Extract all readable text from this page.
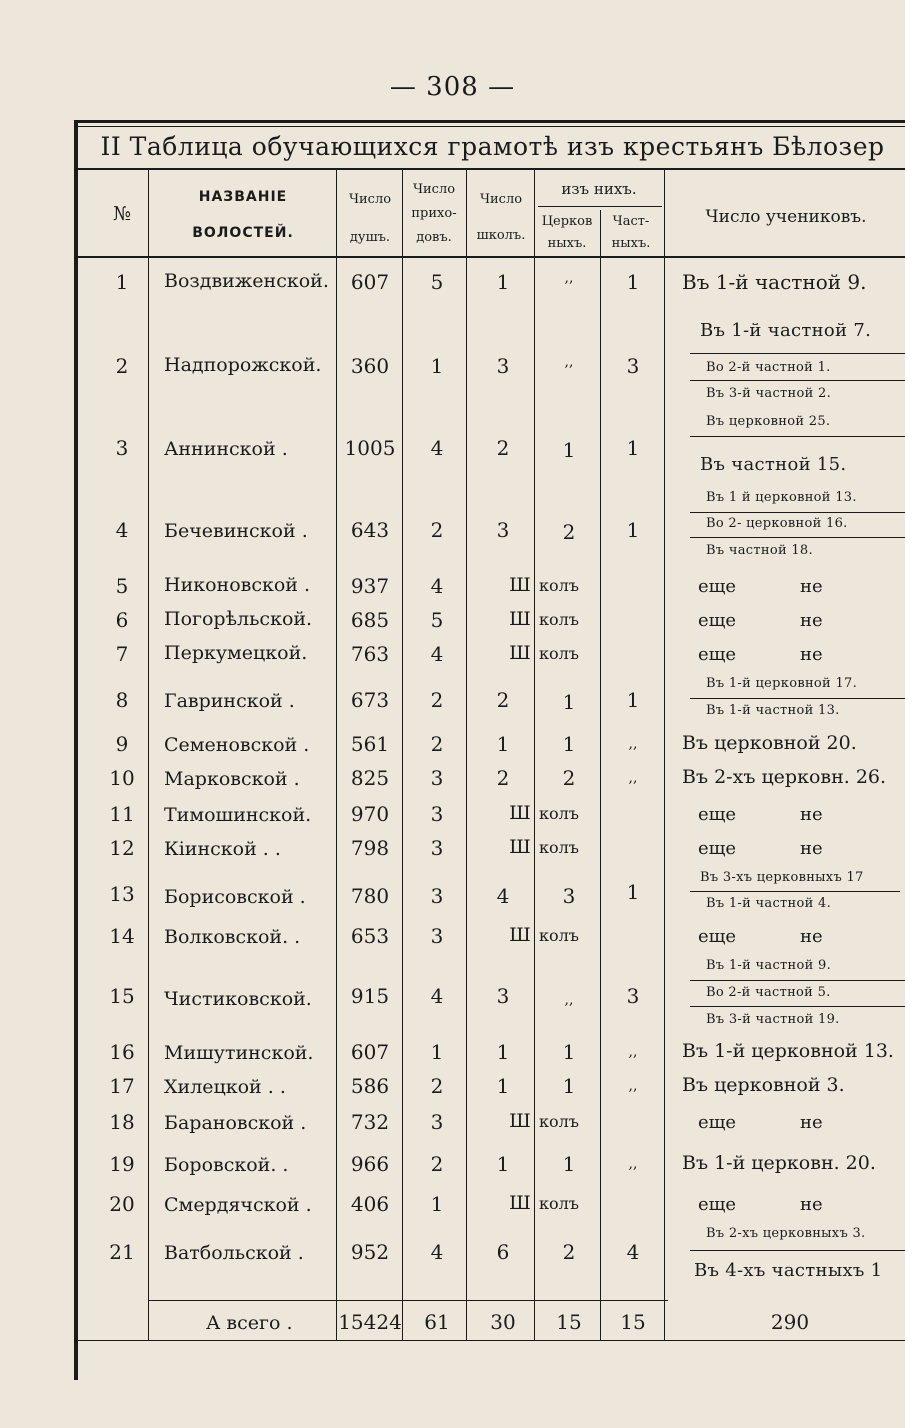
— 308 —
II Таблица обучающихся грамотѣ изъ крестьянъ Бѣлозер
№
НАЗВАНІЕ
ВОЛОСТЕЙ.
Число
душъ.
Число
прихо-
довъ.
Число
школъ.
изъ нихъ.
Церков
ныхъ.
Част-
ныхъ.
Число учениковъ.
1	Воздвиженской.	607	5	1	,,	1	Въ 1-й частной 9.
2	Надпорожской.	360	1	3	,,	3
Въ 1-й частной 7.
Во 2-й частной 1.
Въ 3-й частной 2.
3	Аннинской .	1005	4	2	1	1
Въ церковной 25.
Въ частной 15.
4	Бечевинской .	643	2	3	2	1
Въ 1 й церковной 13.
Во 2- церковной 16.
Въ частной 18.
5	Никоновской .	937	4	Ш колъ	еще	не
6	Погорѣльской.	685	5	Ш колъ	еще	не
7	Перкумецкой.	763	4	Ш колъ	еще	не
8	Гавринской .	673	2	2	1	1
Въ 1-й церковной 17.
Въ 1-й частной 13.
9	Семеновской .	561	2	1	1	,,	Въ церковной 20.
10	Марковской .	825	3	2	2	,,	Въ 2-хъ церковн. 26.
11	Тимошинской.	970	3	Ш колъ	еще	не
12	Кіинской . .	798	3	Ш колъ	еще	не
13	Борисовской .	780	3	4	3	1
Въ 3-хъ церковныхъ 17
Въ 1-й частной 4.
14	Волковской. .	653	3	Ш колъ	еще	не
15	Чистиковской.	915	4	3	,,	3
Въ 1-й частной 9.
Во 2-й частной 5.
Въ 3-й частной 19.
16	Мишутинской.	607	1	1	1	,,	Въ 1-й церковной 13.
17	Хилецкой . .	586	2	1	1	,,	Въ церковной 3.
18	Барановской .	732	3	Ш колъ	еще	не
19	Боровской. .	966	2	1	1	,,	Въ 1-й церковн. 20.
20	Смердячской .	406	1	Ш колъ	еще	не
21	Ватбольской .	952	4	6	2	4
Въ 2-хъ церковныхъ 3.
Въ 4-хъ частныхъ 1
А всего . 15424	61	30	15	15	290
